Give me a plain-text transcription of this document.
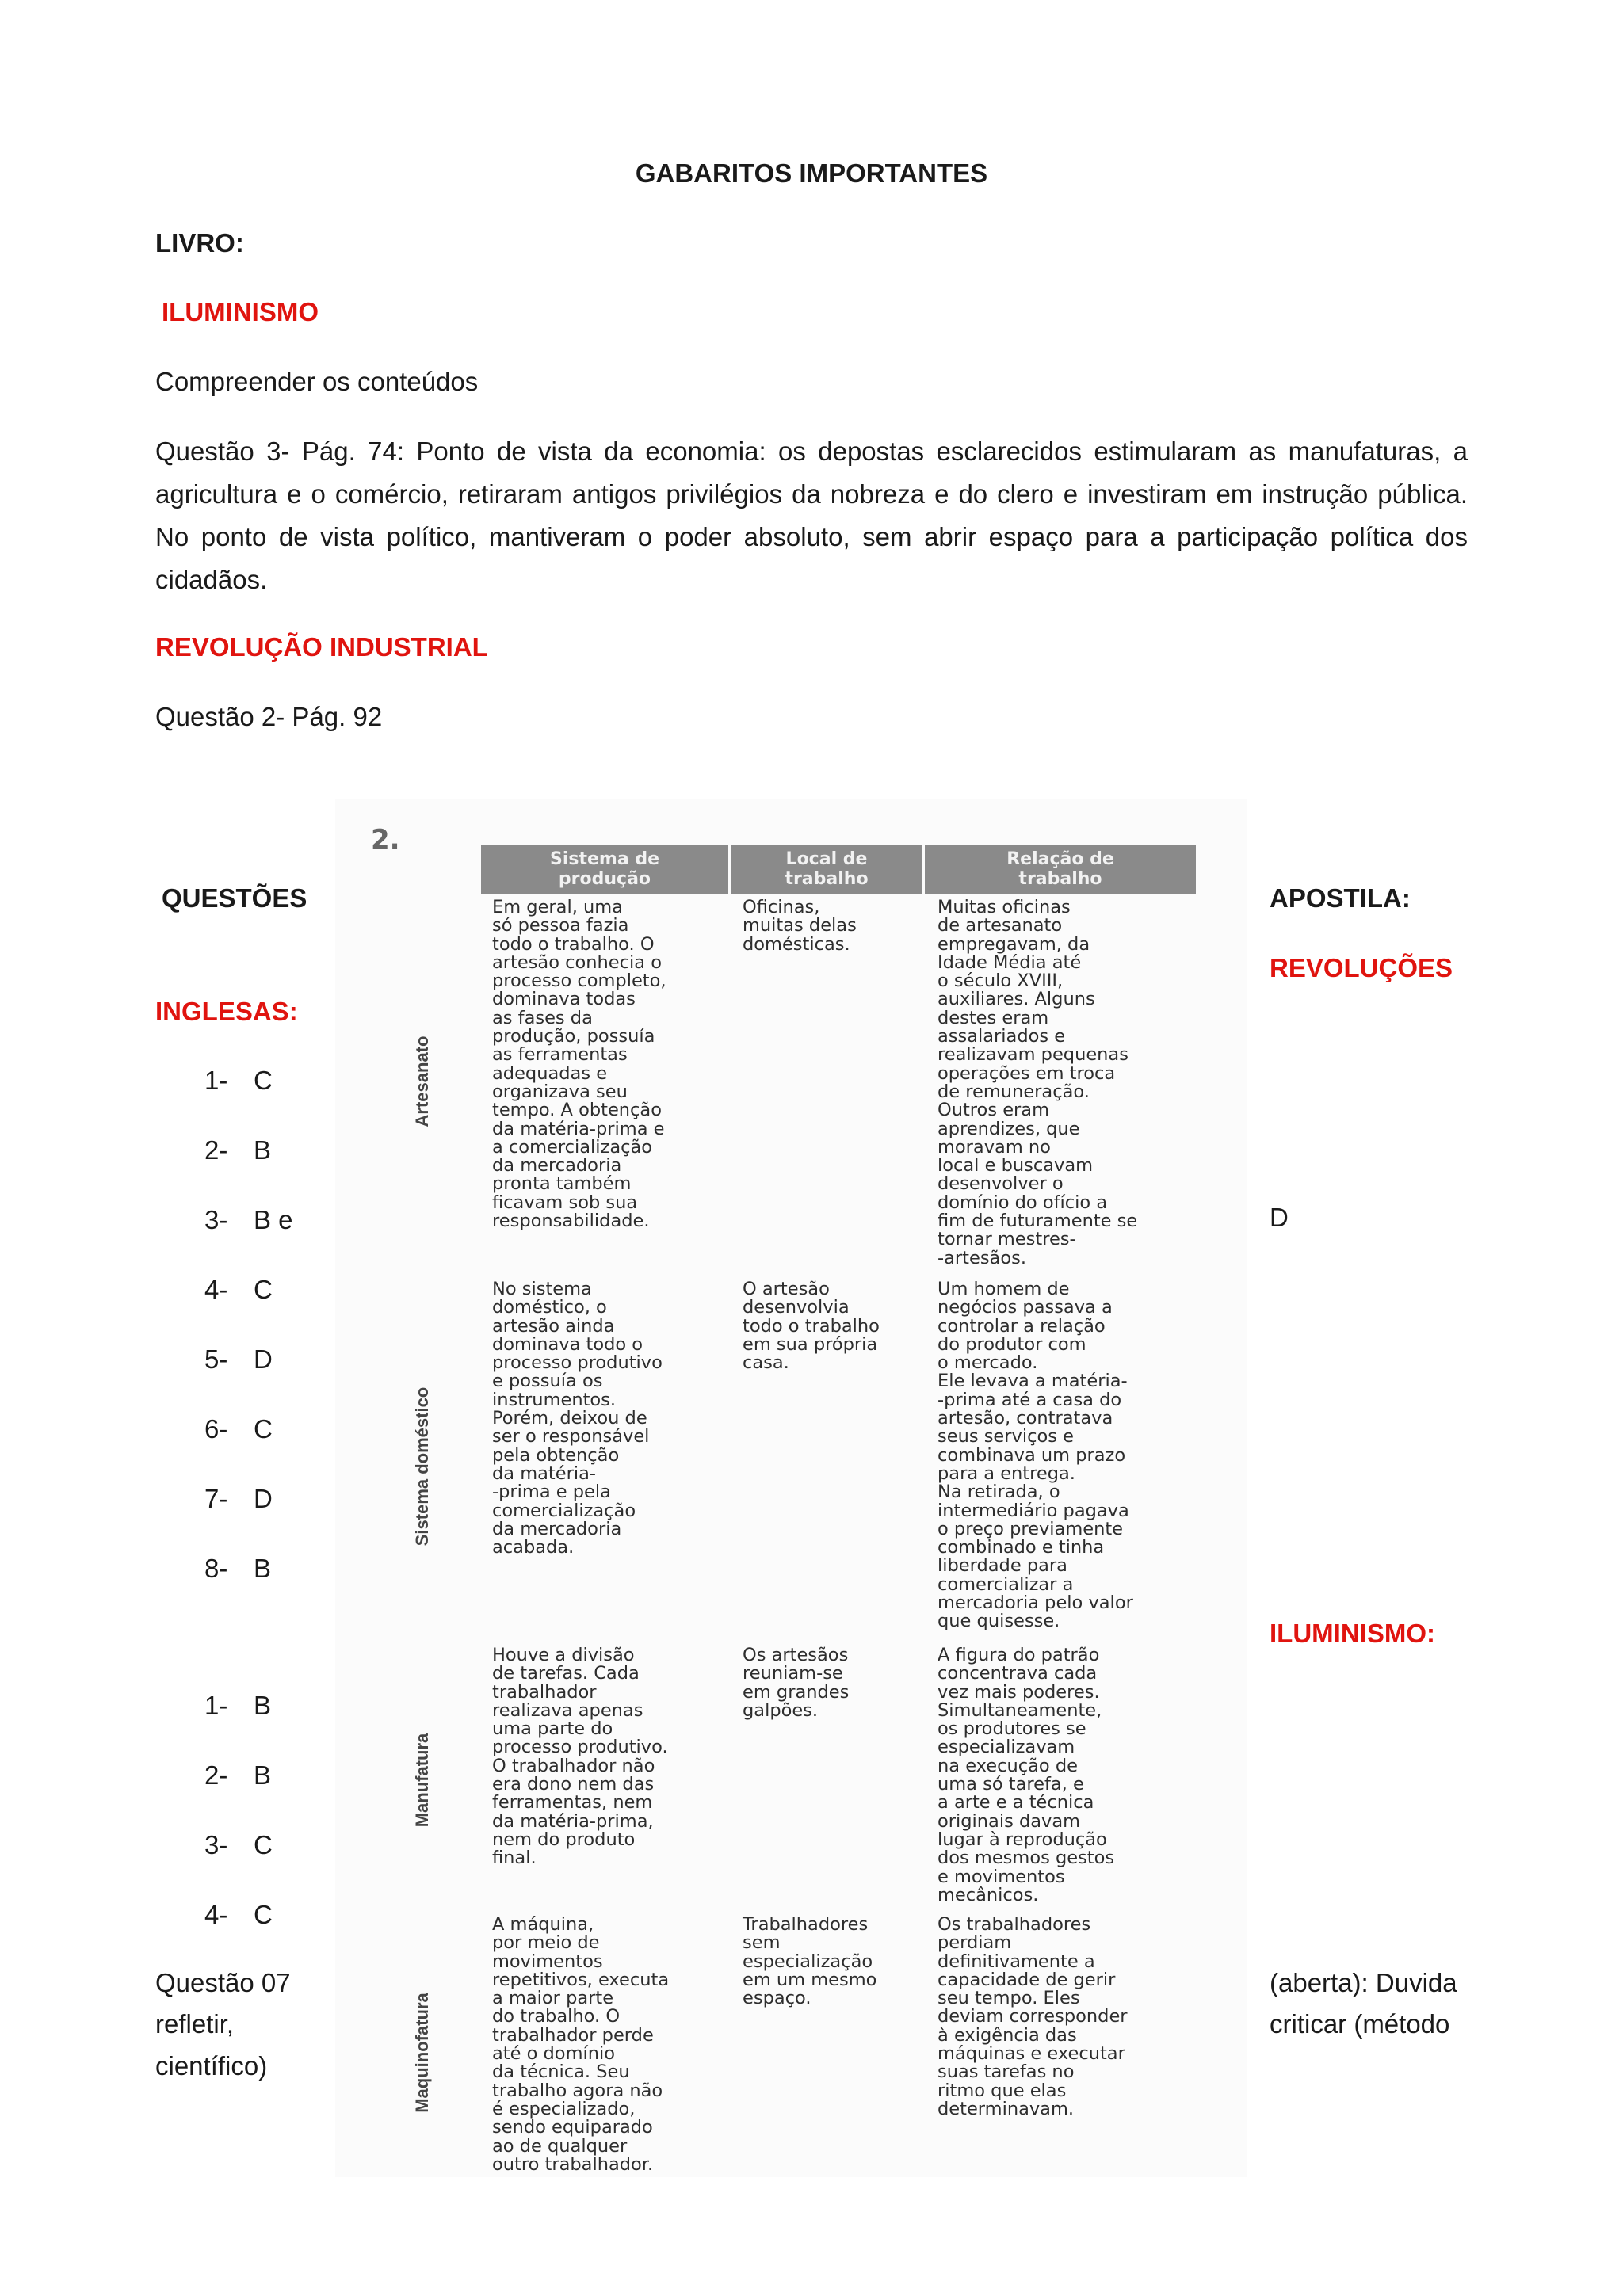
GABARITOS IMPORTANTES
LIVRO:
ILUMINISMO
Compreender os conteúdos
Questão 3- Pág. 74: Ponto de vista da economia: os depostas esclarecidos estimularam as manufaturas, a agricultura e o comércio, retiraram antigos privilégios da nobreza e do clero e investiram em instrução pública. No ponto de vista político, mantiveram o poder absoluto, sem abrir espaço para a participação política dos cidadãos.
REVOLUÇÃO INDUSTRIAL
Questão 2- Pág. 92
QUESTÕES
INGLESAS:
1- C
2- B
3- B e
4- C
5- D
6- C
7- D
8- B
1- B
2- B
3- C
4- C
Questão 07
refletir,
científico)
APOSTILA:
REVOLUÇÕES
D
ILUMINISMO:
(aberta): Duvida
criticar (método
2.
Sistema de
produção
Local de
trabalho
Relação de
trabalho
Artesanato
Em geral, uma
só pessoa fazia
todo o trabalho. O
artesão conhecia o
processo completo,
dominava todas
as fases da
produção, possuía
as ferramentas
adequadas e
organizava seu
tempo. A obtenção
da matéria-prima e
a comercialização
da mercadoria
pronta também
ficavam sob sua
responsabilidade.
Oficinas,
muitas delas
domésticas.
Muitas oficinas
de artesanato
empregavam, da
Idade Média até
o século XVIII,
auxiliares. Alguns
destes eram
assalariados e
realizavam pequenas
operações em troca
de remuneração.
Outros eram
aprendizes, que
moravam no
local e buscavam
desenvolver o
domínio do ofício a
fim de futuramente se
tornar mestres-
-artesãos.
Sistema doméstico
No sistema
doméstico, o
artesão ainda
dominava todo o
processo produtivo
e possuía os
instrumentos.
Porém, deixou de
ser o responsável
pela obtenção
da matéria-
-prima e pela
comercialização
da mercadoria
acabada.
O artesão
desenvolvia
todo o trabalho
em sua própria
casa.
Um homem de
negócios passava a
controlar a relação
do produtor com
o mercado.
Ele levava a matéria-
-prima até a casa do
artesão, contratava
seus serviços e
combinava um prazo
para a entrega.
Na retirada, o
intermediário pagava
o preço previamente
combinado e tinha
liberdade para
comercializar a
mercadoria pelo valor
que quisesse.
Manufatura
Houve a divisão
de tarefas. Cada
trabalhador
realizava apenas
uma parte do
processo produtivo.
O trabalhador não
era dono nem das
ferramentas, nem
da matéria-prima,
nem do produto
final.
Os artesãos
reuniam-se
em grandes
galpões.
A figura do patrão
concentrava cada
vez mais poderes.
Simultaneamente,
os produtores se
especializavam
na execução de
uma só tarefa, e
a arte e a técnica
originais davam
lugar à reprodução
dos mesmos gestos
e movimentos
mecânicos.
Maquinofatura
A máquina,
por meio de
movimentos
repetitivos, executa
a maior parte
do trabalho. O
trabalhador perde
até o domínio
da técnica. Seu
trabalho agora não
é especializado,
sendo equiparado
ao de qualquer
outro trabalhador.
Trabalhadores
sem
especialização
em um mesmo
espaço.
Os trabalhadores
perdiam
definitivamente a
capacidade de gerir
seu tempo. Eles
deviam corresponder
à exigência das
máquinas e executar
suas tarefas no
ritmo que elas
determinavam.
